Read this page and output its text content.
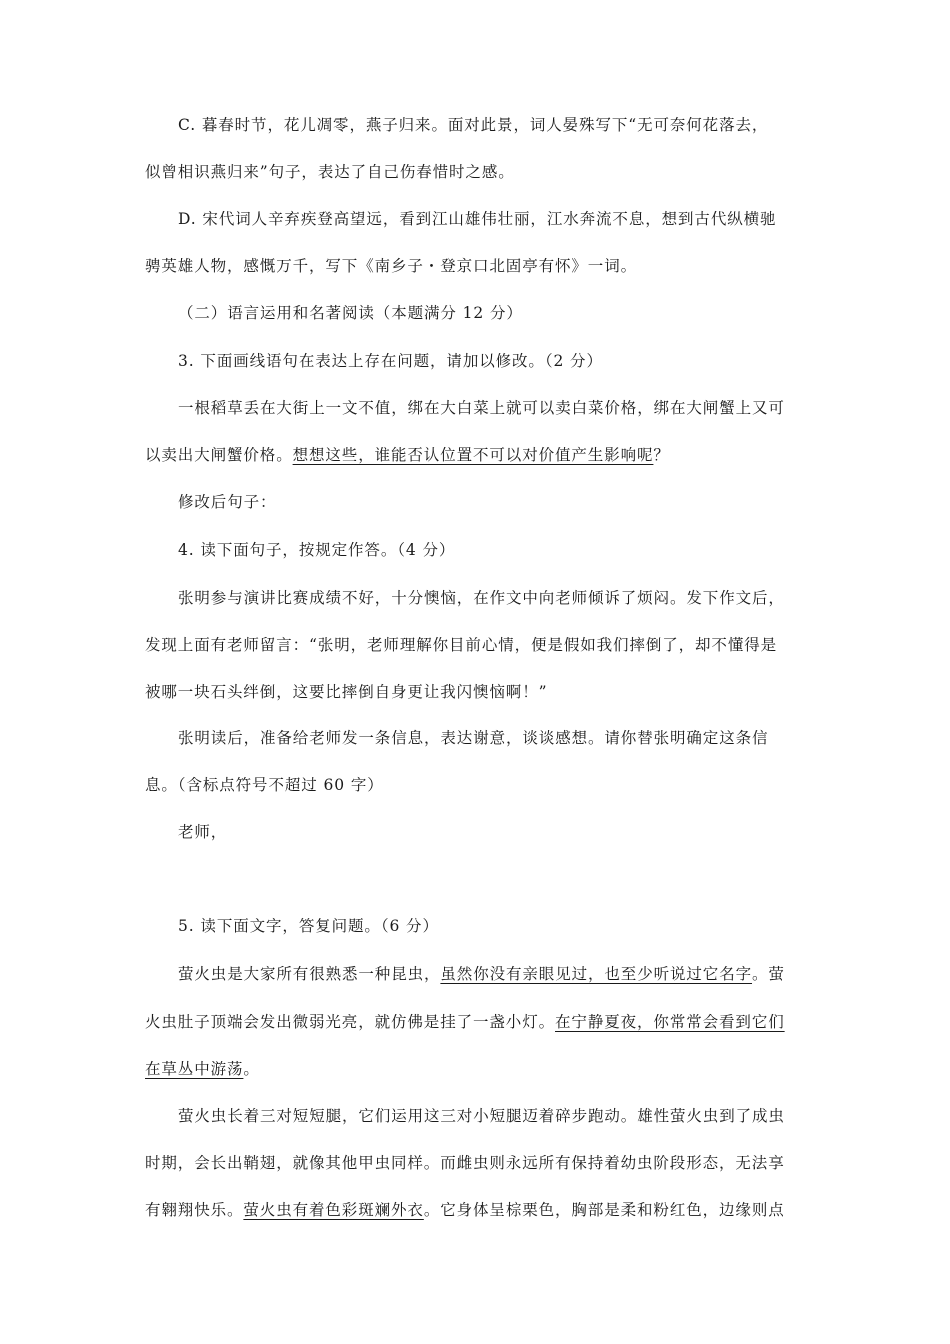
C. 暮春时节，花儿凋零，燕子归来。面对此景，词人晏殊写下“无可奈何花落去，
似曾相识燕归来”句子，表达了自己伤春惜时之感。
D. 宋代词人辛弃疾登高望远，看到江山雄伟壮丽，江水奔流不息，想到古代纵横驰
骋英雄人物，感慨万千，写下《南乡子・登京口北固亭有怀》一词。
（二）语言运用和名著阅读（本题满分 12 分）
3. 下面画线语句在表达上存在问题，请加以修改。（2 分）
一根稻草丢在大街上一文不值，绑在大白菜上就可以卖白菜价格，绑在大闸蟹上又可
以卖出大闸蟹价格。想想这些，谁能否认位置不可以对价值产生影响呢？
修改后句子：
4. 读下面句子，按规定作答。（4 分）
张明参与演讲比赛成绩不好，十分懊恼，在作文中向老师倾诉了烦闷。发下作文后，
发现上面有老师留言：“张明，老师理解你目前心情，便是假如我们摔倒了，却不懂得是
被哪一块石头绊倒，这要比摔倒自身更让我闪懊恼啊！”
张明读后，准备给老师发一条信息，表达谢意，谈谈感想。请你替张明确定这条信
息。（含标点符号不超过 60 字）
老师，
5. 读下面文字，答复问题。（6 分）
萤火虫是大家所有很熟悉一种昆虫，虽然你没有亲眼见过，也至少听说过它名字。萤
火虫肚子顶端会发出微弱光亮，就仿佛是挂了一盏小灯。在宁静夏夜，你常常会看到它们
在草丛中游荡。
萤火虫长着三对短短腿，它们运用这三对小短腿迈着碎步跑动。雄性萤火虫到了成虫
时期，会长出鞘翅，就像其他甲虫同样。而雌虫则永远所有保持着幼虫阶段形态，无法享
有翱翔快乐。萤火虫有着色彩斑斓外衣。它身体呈棕栗色，胸部是柔和粉红色，边缘则点
